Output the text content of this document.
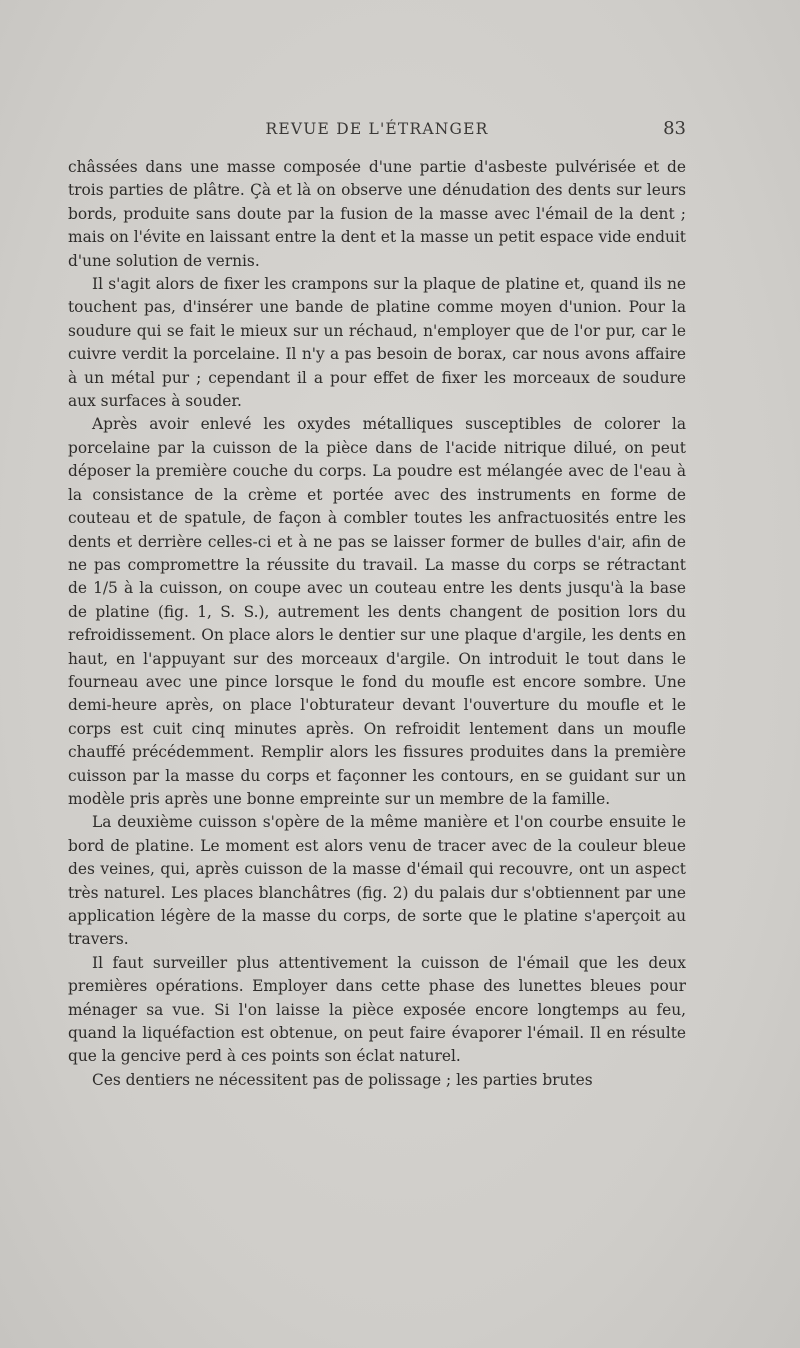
REVUE DE L'ÉTRANGER	83

châssées dans une masse composée d'une partie d'asbeste pulvérisée et de trois parties de plâtre. Çà et là on observe une dénudation des dents sur leurs bords, produite sans doute par la fusion de la masse avec l'émail de la dent ; mais on l'évite en laissant entre la dent et la masse un petit espace vide enduit d'une solution de vernis.

Il s'agit alors de fixer les crampons sur la plaque de platine et, quand ils ne touchent pas, d'insérer une bande de platine comme moyen d'union. Pour la soudure qui se fait le mieux sur un réchaud, n'employer que de l'or pur, car le cuivre verdit la porcelaine. Il n'y a pas besoin de borax, car nous avons affaire à un métal pur ; cependant il a pour effet de fixer les morceaux de soudure aux surfaces à souder.

Après avoir enlevé les oxydes métalliques susceptibles de colorer la porcelaine par la cuisson de la pièce dans de l'acide nitrique dilué, on peut déposer la première couche du corps. La poudre est mélangée avec de l'eau à la consistance de la crème et portée avec des instruments en forme de couteau et de spatule, de façon à combler toutes les anfractuosités entre les dents et derrière celles-ci et à ne pas se laisser former de bulles d'air, afin de ne pas compromettre la réussite du travail. La masse du corps se rétractant de 1/5 à la cuisson, on coupe avec un couteau entre les dents jusqu'à la base de platine (fig. 1, S. S.), autrement les dents changent de position lors du refroidissement. On place alors le dentier sur une plaque d'argile, les dents en haut, en l'appuyant sur des morceaux d'argile. On introduit le tout dans le fourneau avec une pince lorsque le fond du moufle est encore sombre. Une demi-heure après, on place l'obturateur devant l'ouverture du moufle et le corps est cuit cinq minutes après. On refroidit lentement dans un moufle chauffé précédemment. Remplir alors les fissures produites dans la première cuisson par la masse du corps et façonner les contours, en se guidant sur un modèle pris après une bonne empreinte sur un membre de la famille.

La deuxième cuisson s'opère de la même manière et l'on courbe ensuite le bord de platine. Le moment est alors venu de tracer avec de la couleur bleue des veines, qui, après cuisson de la masse d'émail qui recouvre, ont un aspect très naturel. Les places blanchâtres (fig. 2) du palais dur s'obtiennent par une application légère de la masse du corps, de sorte que le platine s'aperçoit au travers.

Il faut surveiller plus attentivement la cuisson de l'émail que les deux premières opérations. Employer dans cette phase des lunettes bleues pour ménager sa vue. Si l'on laisse la pièce exposée encore longtemps au feu, quand la liquéfaction est obtenue, on peut faire évaporer l'émail. Il en résulte que la gencive perd à ces points son éclat naturel.

Ces dentiers ne nécessitent pas de polissage ; les parties brutes
